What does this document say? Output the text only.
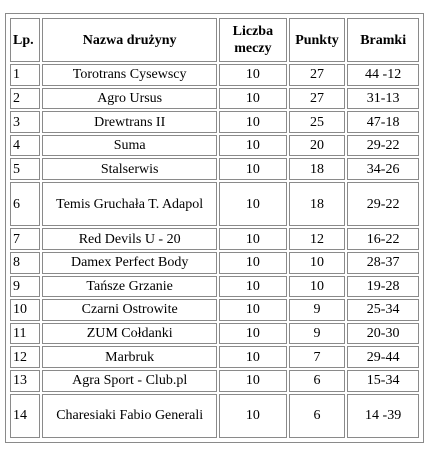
Lp.	Nazwa drużyny	Liczba meczy	Punkty	Bramki
1	Torotrans Cysewscy	10	27	44 -12
2	Agro Ursus	10	27	31-13
3	Drewtrans II	10	25	47-18
4	Suma	10	20	29-22
5	Stalserwis	10	18	34-26
6	Temis Gruchała T. Adapol	10	18	29-22
7	Red Devils U - 20	10	12	16-22
8	Damex Perfect Body	10	10	28-37
9	Tańsze Grzanie	10	10	19-28
10	Czarni Ostrowite	10	9	25-34
11	ZUM Cołdanki	10	9	20-30
12	Marbruk	10	7	29-44
13	Agra Sport - Club.pl	10	6	15-34
14	Charesiaki Fabio Generali	10	6	14 -39
